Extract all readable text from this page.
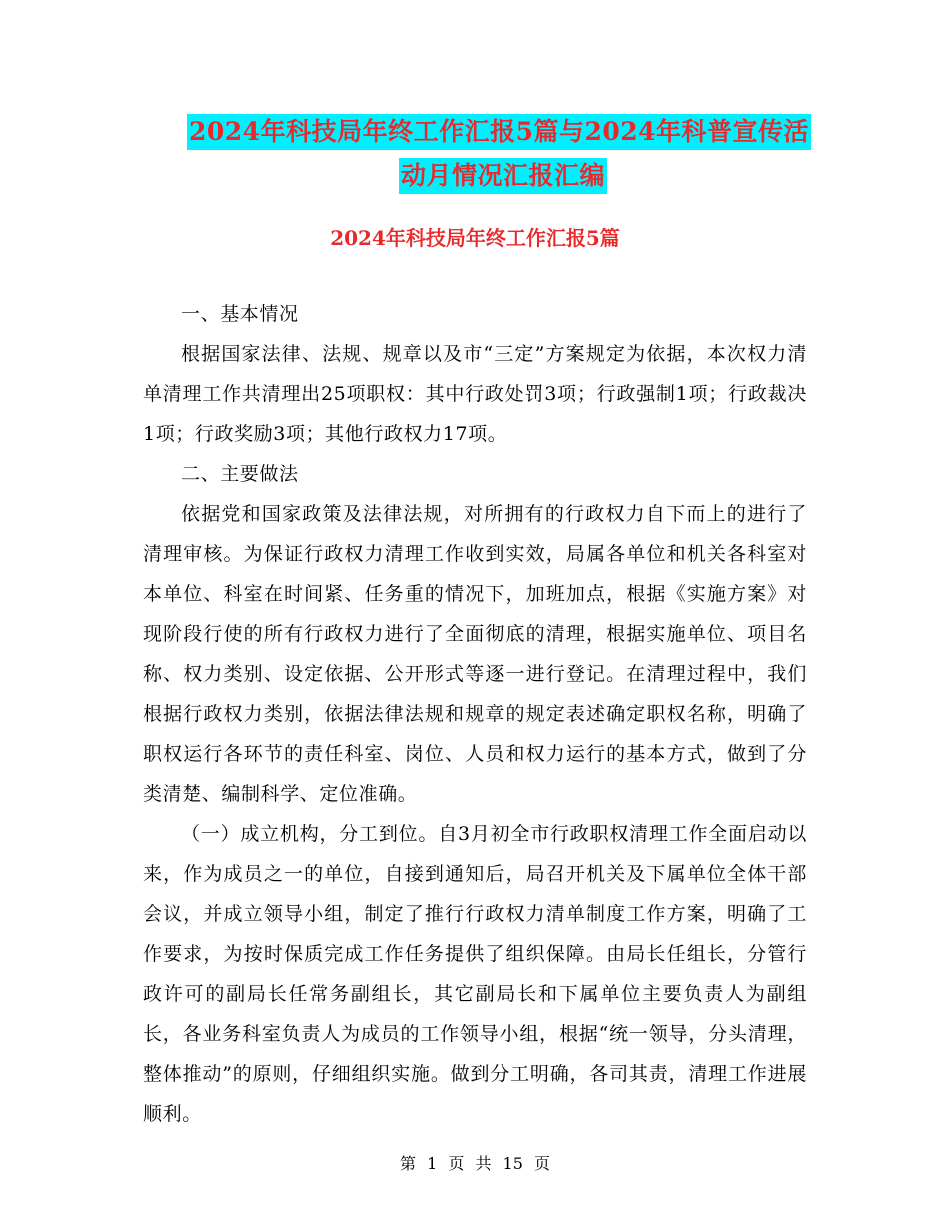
2024年科技局年终工作汇报5篇与2024年科普宣传活
动月情况汇报汇编
2024年科技局年终工作汇报5篇

一、基本情况

根据国家法律、法规、规章以及市“三定”方案规定为依据，本次权力清单清理工作共清理出25项职权：其中行政处罚3项；行政强制1项；行政裁决1项；行政奖励3项；其他行政权力17项。

二、主要做法

依据党和国家政策及法律法规，对所拥有的行政权力自下而上的进行了清理审核。为保证行政权力清理工作收到实效，局属各单位和机关各科室对本单位、科室在时间紧、任务重的情况下，加班加点，根据《实施方案》对现阶段行使的所有行政权力进行了全面彻底的清理，根据实施单位、项目名称、权力类别、设定依据、公开形式等逐一进行登记。在清理过程中，我们根据行政权力类别，依据法律法规和规章的规定表述确定职权名称，明确了职权运行各环节的责任科室、岗位、人员和权力运行的基本方式，做到了分类清楚、编制科学、定位准确。

（一）成立机构，分工到位。自3月初全市行政职权清理工作全面启动以来，作为成员之一的单位，自接到通知后，局召开机关及下属单位全体干部会议，并成立领导小组，制定了推行行政权力清单制度工作方案，明确了工作要求，为按时保质完成工作任务提供了组织保障。由局长任组长，分管行政许可的副局长任常务副组长，其它副局长和下属单位主要负责人为副组长，各业务科室负责人为成员的工作领导小组，根据“统一领导，分头清理，整体推动”的原则，仔细组织实施。做到分工明确，各司其责，清理工作进展顺利。

第 1 页 共 15 页
